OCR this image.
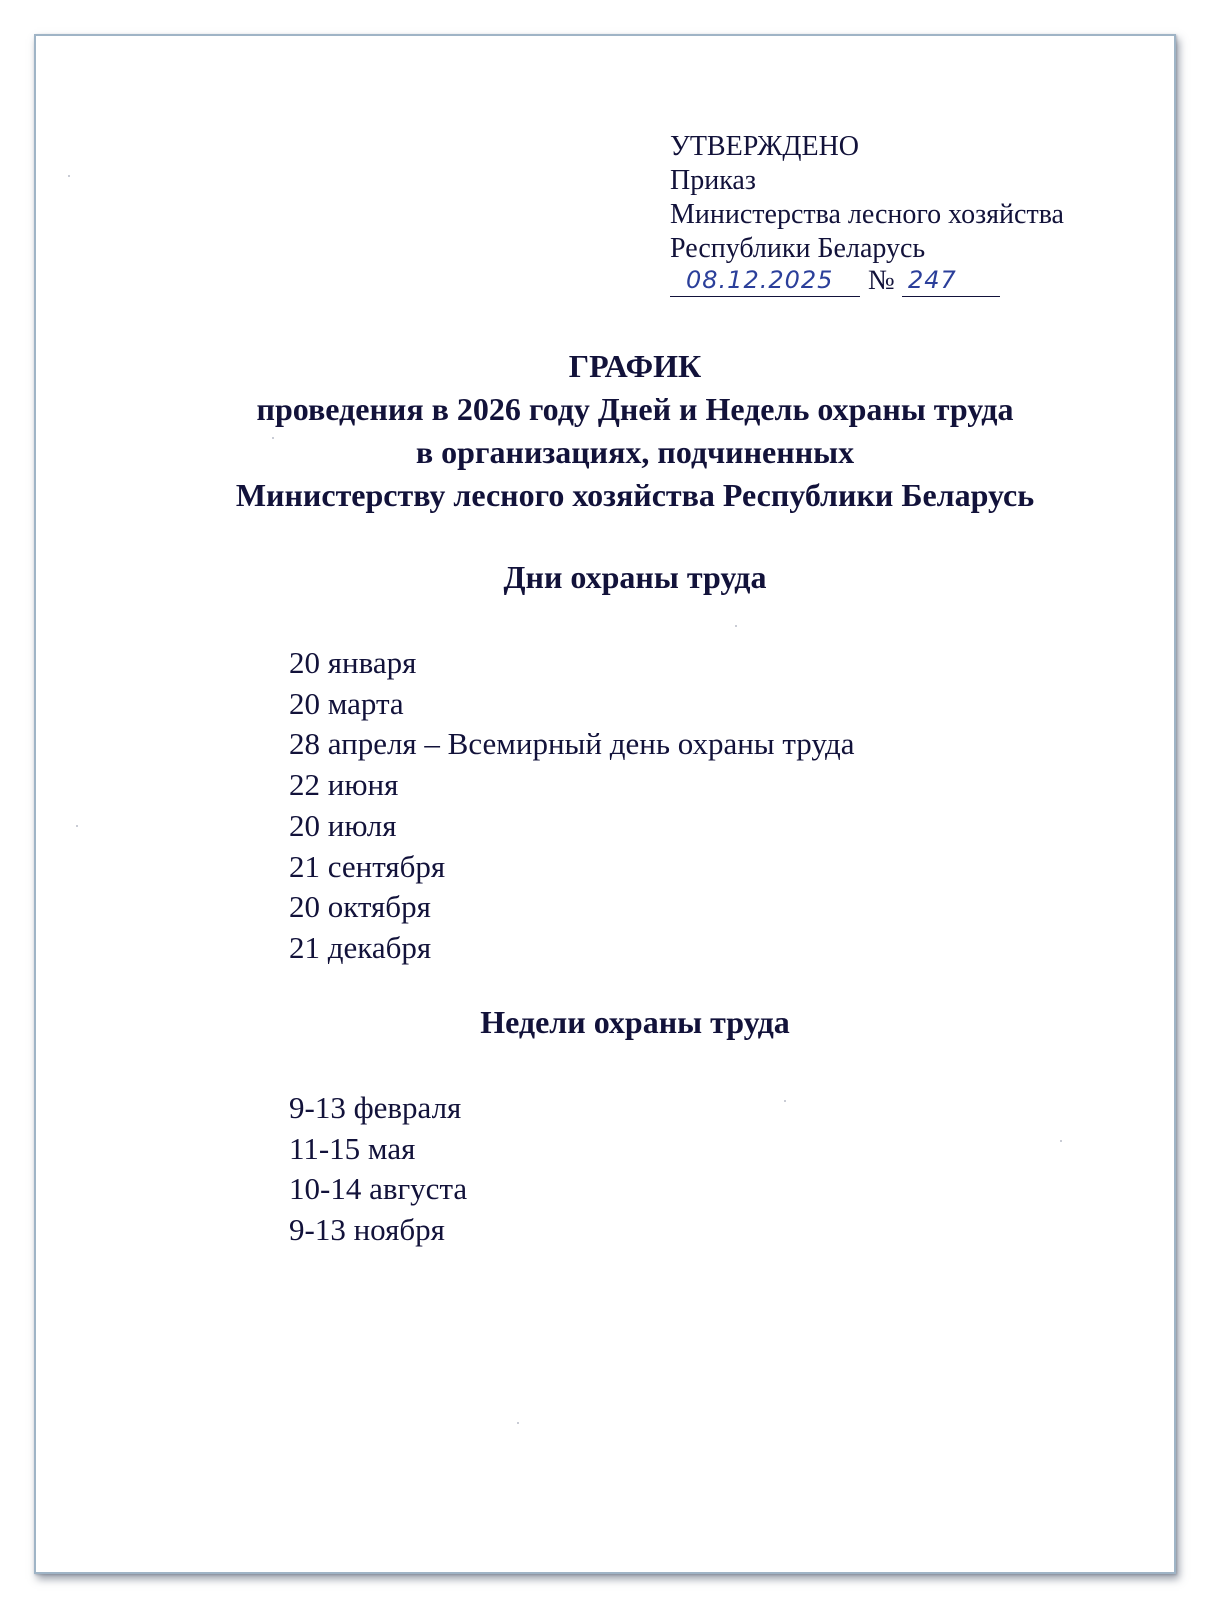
УТВЕРЖДЕНО
Приказ
Министерства лесного хозяйства
Республики Беларусь
08.12.2025 № 247
ГРАФИК
проведения в 2026 году Дней и Недель охраны труда
в организациях, подчиненных
Министерству лесного хозяйства Республики Беларусь
Дни охраны труда
20 января
20 марта
28 апреля – Всемирный день охраны труда
22 июня
20 июля
21 сентября
20 октября
21 декабря
Недели охраны труда
9-13 февраля
11-15 мая
10-14 августа
9-13 ноября
